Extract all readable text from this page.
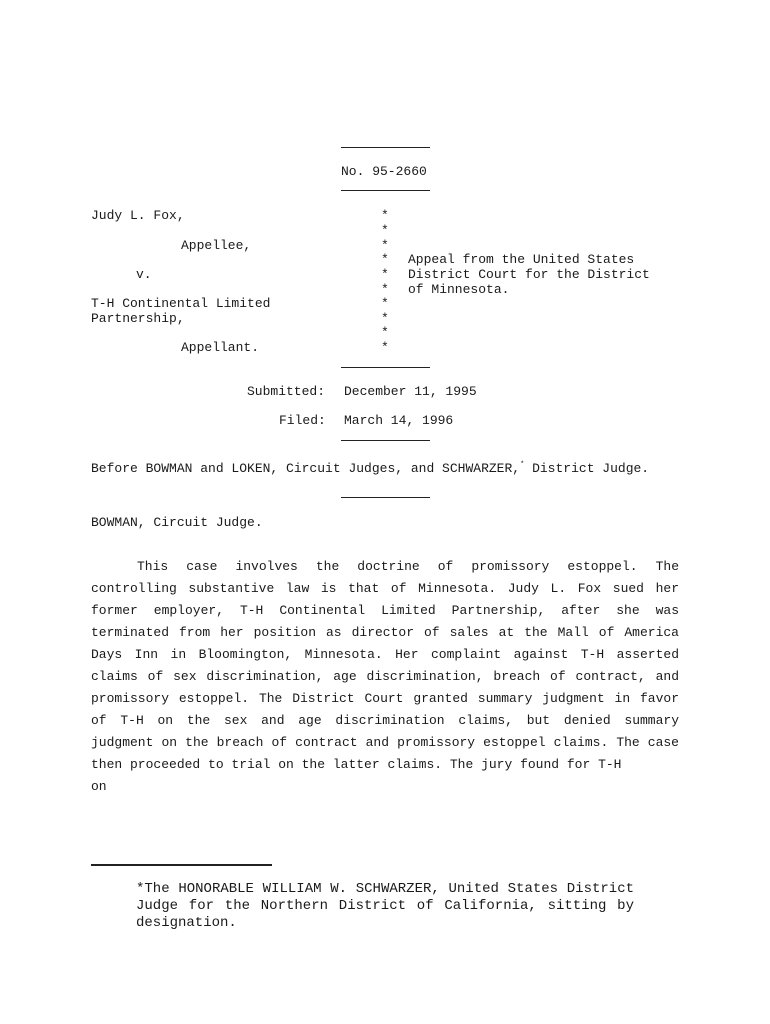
No. 95-2660
Judy L. Fox,
Appellee,
v.
T-H Continental Limited
Partnership,
Appellant.
*
*
*
*
*
*
*
*
*
*
Appeal from the United States
District Court for the District
of Minnesota.
Submitted: December 11, 1995
Filed: March 14, 1996
Before BOWMAN and LOKEN, Circuit Judges, and SCHWARZER,* District Judge.
BOWMAN, Circuit Judge.

This case involves the doctrine of promissory estoppel. The controlling substantive law is that of Minnesota. Judy L. Fox sued her former employer, T-H Continental Limited Partnership, after she was terminated from her position as director of sales at the Mall of America Days Inn in Bloomington, Minnesota. Her complaint against T-H asserted claims of sex discrimination, age discrimination, breach of contract, and promissory estoppel. The District Court granted summary judgment in favor of T-H on the sex and age discrimination claims, but denied summary judgment on the breach of contract and promissory estoppel claims. The case then proceeded to trial on the latter claims. The jury found for T-H

on
*The HONORABLE WILLIAM W. SCHWARZER, United States District Judge for the Northern District of California, sitting by designation.
